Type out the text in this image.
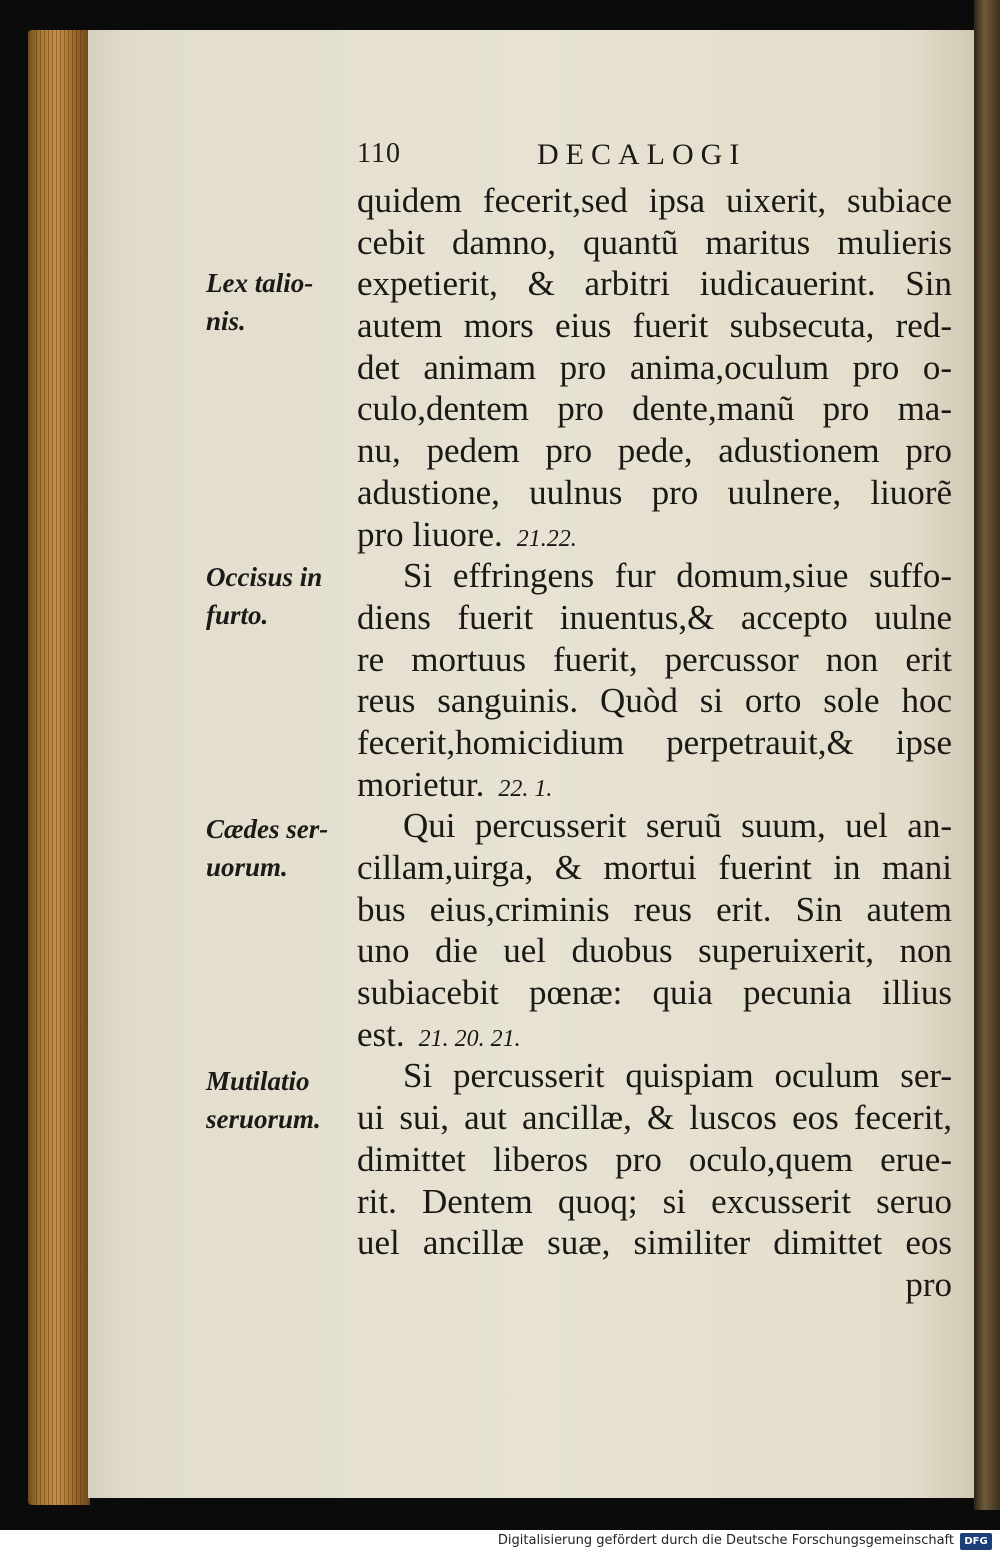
110	DECALOGI
Lex talio-
nis.
Occisus in
furto.
Cædes ser-
uorum.
Mutilatio
seruorum.
quidem fecerit,sed ipsa uixerit, subiace
cebit damno, quantũ maritus mulieris
expetierit, & arbitri iudicauerint. Sin
autem mors eius fuerit subsecuta, red-
det animam pro anima,oculum pro o-
culo,dentem pro dente,manũ pro ma-
nu, pedem pro pede, adustionem pro
adustione, uulnus pro uulnere, liuorẽ
pro liuore. 21.22.
Si effringens fur domum,siue suffo-
diens fuerit inuentus,& accepto uulne
re mortuus fuerit, percussor non erit
reus sanguinis. Quòd si orto sole hoc
fecerit,homicidium perpetrauit,& ipse
morietur. 22. 1.
Qui percusserit seruũ suum, uel an-
cillam,uirga, & mortui fuerint in mani
bus eius,criminis reus erit. Sin autem
uno die uel duobus superuixerit, non
subiacebit pœnæ: quia pecunia illius
est. 21. 20. 21.
Si percusserit quispiam oculum ser-
ui sui, aut ancillæ, & luscos eos fecerit,
dimittet liberos pro oculo,quem erue-
rit. Dentem quoq; si excusserit seruo
uel ancillæ suæ, similiter dimittet eos
pro
Digitalisierung gefördert durch die Deutsche Forschungsgemeinschaft	DFG
